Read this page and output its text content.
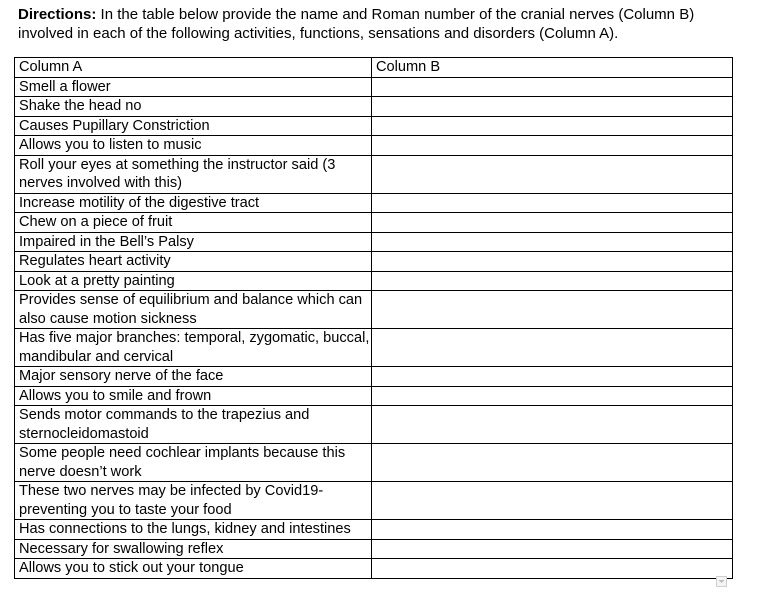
Directions: In the table below provide the name and Roman number of the cranial nerves (Column B) involved in each of the following activities, functions, sensations and disorders (Column A).

Column A	Column B
Smell a flower	
Shake the head no	
Causes Pupillary Constriction	
Allows you to listen to music	
Roll your eyes at something the instructor said (3 nerves involved with this)	
Increase motility of the digestive tract	
Chew on a piece of fruit	
Impaired in the Bell’s Palsy	
Regulates heart activity	
Look at a pretty painting	
Provides sense of equilibrium and balance which can also cause motion sickness	
Has five major branches: temporal, zygomatic, buccal, mandibular and cervical	
Major sensory nerve of the face	
Allows you to smile and frown	
Sends motor commands to the trapezius and sternocleidomastoid	
Some people need cochlear implants because this nerve doesn’t work	
These two nerves may be infected by Covid19-preventing you to taste your food	
Has connections to the lungs, kidney and intestines	
Necessary for swallowing reflex	
Allows you to stick out your tongue	
